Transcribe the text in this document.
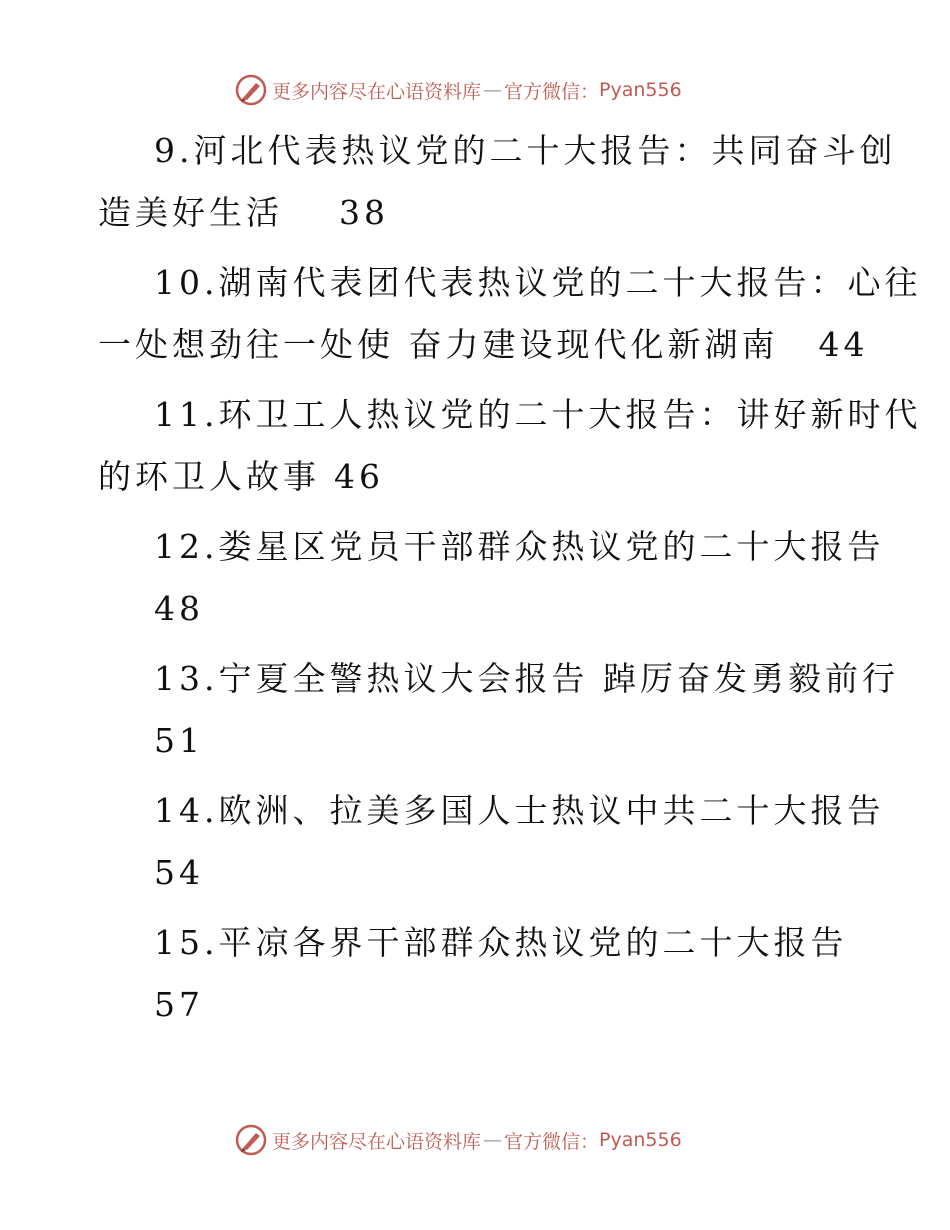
更多内容尽在心语资料库 — 官方微信： Pyan556
9.河北代表热议党的二十大报告：共同奋斗创
造美好生活 38
10.湖南代表团代表热议党的二十大报告：心往
一处想劲往一处使 奋力建设现代化新湖南 44
11.环卫工人热议党的二十大报告：讲好新时代
的环卫人故事 46
12.娄星区党员干部群众热议党的二十大报告
48
13.宁夏全警热议大会报告 踔厉奋发勇毅前行
51
14.欧洲、拉美多国人士热议中共二十大报告
54
15.平凉各界干部群众热议党的二十大报告
57
更多内容尽在心语资料库 — 官方微信： Pyan556
